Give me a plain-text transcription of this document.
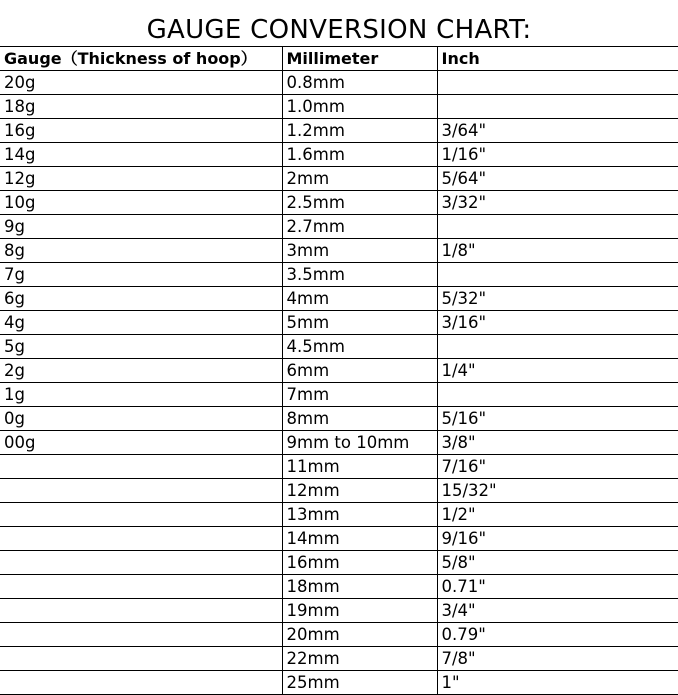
GAUGE CONVERSION CHART:
Gauge（Thickness of hoop）	Millimeter	Inch
20g	0.8mm	
18g	1.0mm	
16g	1.2mm	3/64"
14g	1.6mm	1/16"
12g	2mm	5/64"
10g	2.5mm	3/32"
9g	2.7mm	
8g	3mm	1/8"
7g	3.5mm	
6g	4mm	5/32"
4g	5mm	3/16"
5g	4.5mm	
2g	6mm	1/4"
1g	7mm	
0g	8mm	5/16"
00g	9mm to 10mm	3/8"
	11mm	7/16"
	12mm	15/32"
	13mm	1/2"
	14mm	9/16"
	16mm	5/8"
	18mm	0.71"
	19mm	3/4"
	20mm	0.79"
	22mm	7/8"
	25mm	1"
